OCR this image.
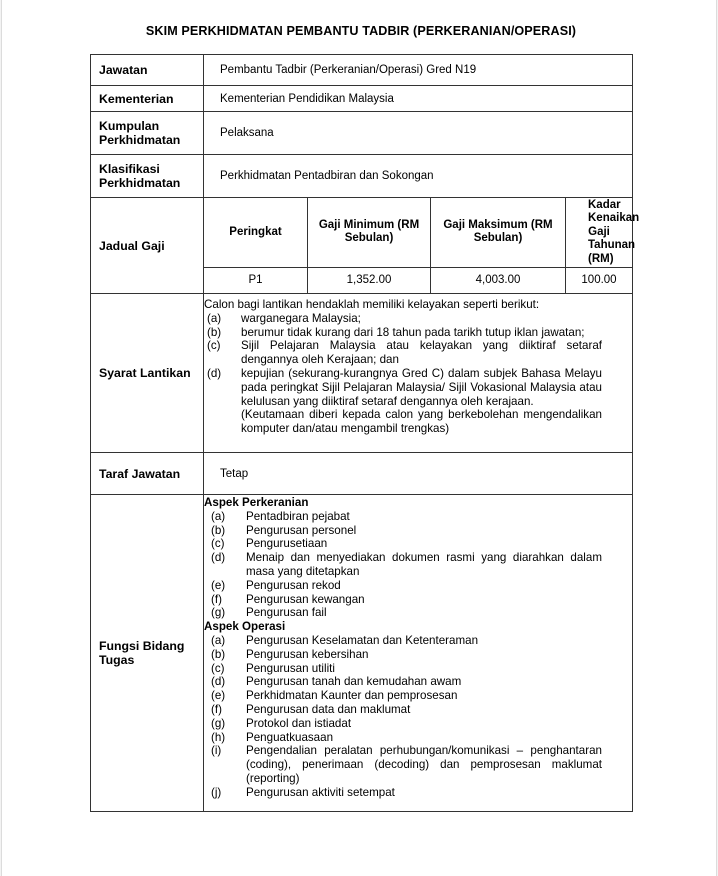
SKIM PERKHIDMATAN PEMBANTU TADBIR (PERKERANIAN/OPERASI)
Jawatan	Pembantu Tadbir (Perkeranian/Operasi) Gred N19
Kementerian	Kementerian Pendidikan Malaysia
Kumpulan Perkhidmatan	Pelaksana
Klasifikasi Perkhidmatan	Perkhidmatan Pentadbiran dan Sokongan
Jadual Gaji	
Peringkat	Gaji Minimum (RM Sebulan)	Gaji Maksimum (RM Sebulan)	Kadar Kenaikan Gaji Tahunan (RM)
P1	1,352.00	4,003.00	100.00

Syarat Lantikan	
Calon bagi lantikan hendaklah memiliki kelayakan seperti berikut:
(a)	warganegara Malaysia;
(b)	berumur tidak kurang dari 18 tahun pada tarikh tutup iklan jawatan;
(c)	Sijil Pelajaran Malaysia atau kelayakan yang diiktiraf setaraf dengannya oleh Kerajaan; dan
(d)	kepujian (sekurang-kurangnya Gred C) dalam subjek Bahasa Melayu pada peringkat Sijil Pelajaran Malaysia/ Sijil Vokasional Malaysia atau kelulusan yang diiktiraf setaraf dengannya oleh kerajaan.
(Keutamaan diberi kepada calon yang berkebolehan mengendalikan komputer dan/atau mengambil trengkas)

Taraf Jawatan	Tetap
Fungsi Bidang Tugas	
Aspek Perkeranian
(a)	Pentadbiran pejabat
(b)	Pengurusan personel
(c)	Pengurusetiaan
(d)	Menaip dan menyediakan dokumen rasmi yang diarahkan dalam masa yang ditetapkan
(e)	Pengurusan rekod
(f)	Pengurusan kewangan
(g)	Pengurusan fail
Aspek Operasi
(a)	Pengurusan Keselamatan dan Ketenteraman
(b)	Pengurusan kebersihan
(c)	Pengurusan utiliti
(d)	Pengurusan tanah dan kemudahan awam
(e)	Perkhidmatan Kaunter dan pemprosesan
(f)	Pengurusan data dan maklumat
(g)	Protokol dan istiadat
(h)	Penguatkuasaan
(i)	Pengendalian peralatan perhubungan/komunikasi – penghantaran (coding), penerimaan (decoding) dan pemprosesan maklumat (reporting)
(j)	Pengurusan aktiviti setempat
